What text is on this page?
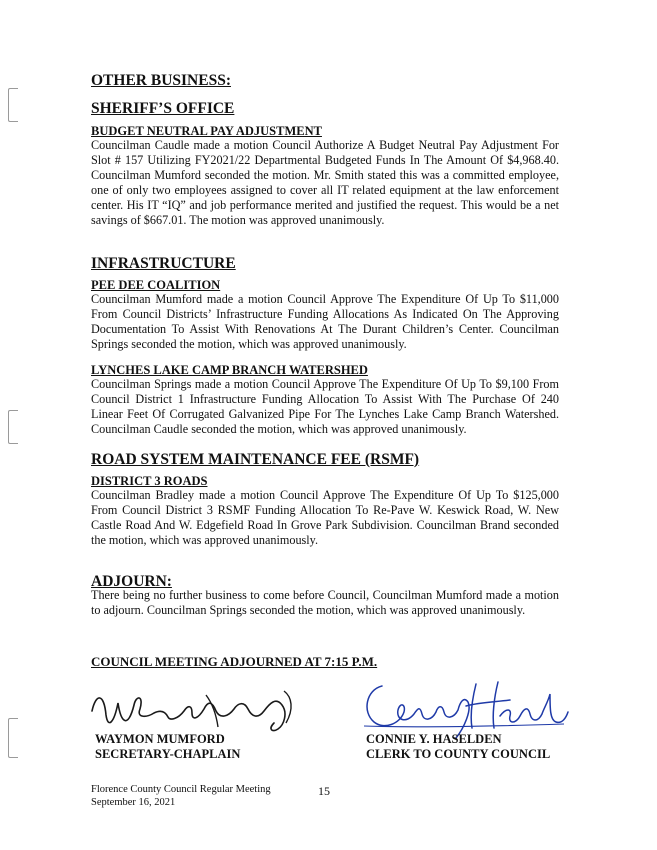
OTHER BUSINESS:
SHERIFF’S OFFICE
BUDGET NEUTRAL PAY ADJUSTMENT

Councilman Caudle made a motion Council Authorize A Budget Neutral Pay Adjustment For Slot # 157 Utilizing FY2021/22 Departmental Budgeted Funds In The Amount Of $4,968.40. Councilman Mumford seconded the motion. Mr. Smith stated this was a committed employee, one of only two employees assigned to cover all IT related equipment at the law enforcement center. His IT “IQ” and job performance merited and justified the request. This would be a net savings of $667.01. The motion was approved unanimously.

INFRASTRUCTURE
PEE DEE COALITION

Councilman Mumford made a motion Council Approve The Expenditure Of Up To $11,000 From Council Districts’ Infrastructure Funding Allocations As Indicated On The Approving Documentation To Assist With Renovations At The Durant Children’s Center. Councilman Springs seconded the motion, which was approved unanimously.

LYNCHES LAKE CAMP BRANCH WATERSHED

Councilman Springs made a motion Council Approve The Expenditure Of Up To $9,100 From Council District 1 Infrastructure Funding Allocation To Assist With The Purchase Of 240 Linear Feet Of Corrugated Galvanized Pipe For The Lynches Lake Camp Branch Watershed. Councilman Caudle seconded the motion, which was approved unanimously.

ROAD SYSTEM MAINTENANCE FEE (RSMF)
DISTRICT 3 ROADS

Councilman Bradley made a motion Council Approve The Expenditure Of Up To $125,000 From Council District 3 RSMF Funding Allocation To Re-Pave W. Keswick Road, W. New Castle Road And W. Edgefield Road In Grove Park Subdivision. Councilman Brand seconded the motion, which was approved unanimously.

ADJOURN:

There being no further business to come before Council, Councilman Mumford made a motion to adjourn. Councilman Springs seconded the motion, which was approved unanimously.

COUNCIL MEETING ADJOURNED AT 7:15 P.M.
WAYMON MUMFORD
SECRETARY-CHAPLAIN
CONNIE Y. HASELDEN
CLERK TO COUNTY COUNCIL
Florence County Council Regular Meeting
September 16, 2021
15
